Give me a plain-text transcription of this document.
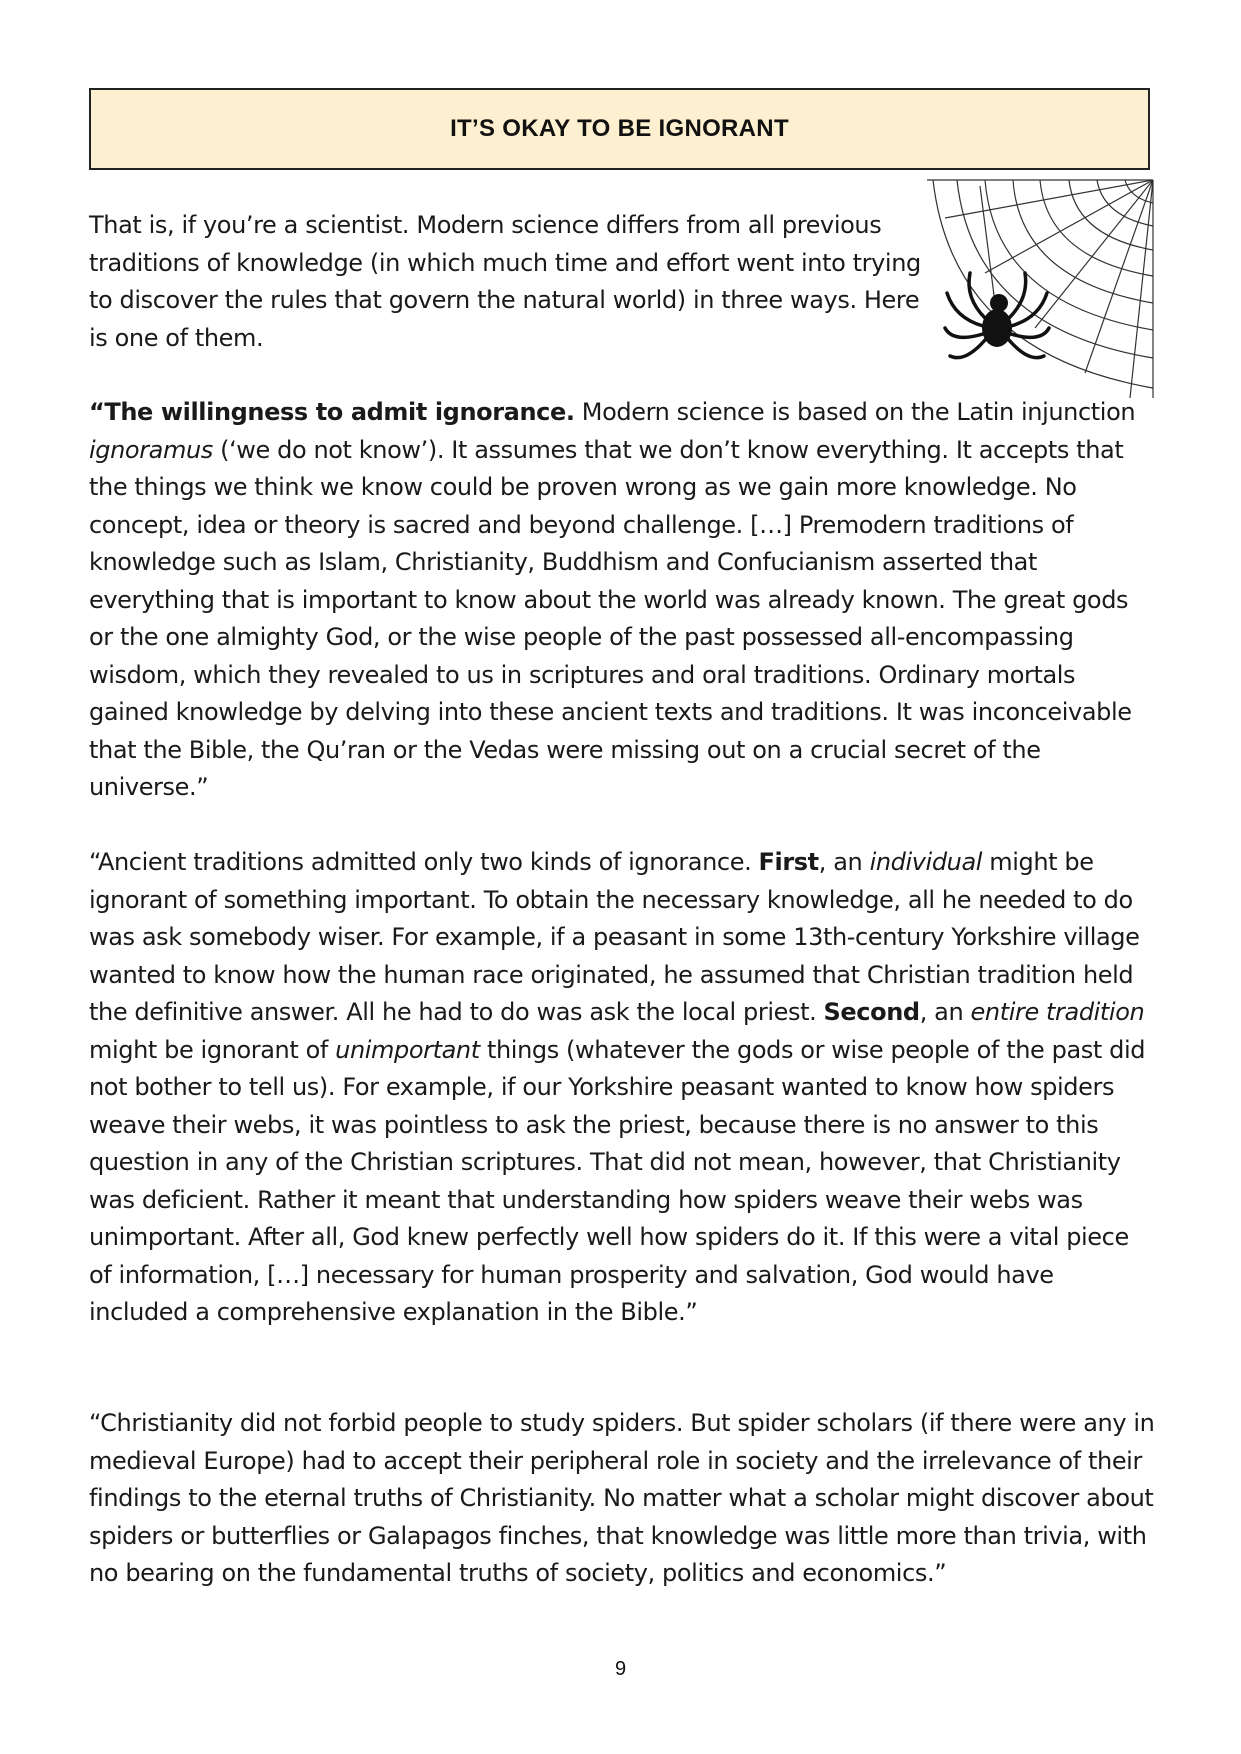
IT’S OKAY TO BE IGNORANT

That is, if you’re a scientist. Modern science differs from all previous traditions of knowledge (in which much time and effort went into trying to discover the rules that govern the natural world) in three ways. Here is one of them.

“The willingness to admit ignorance. Modern science is based on the Latin injunction ignoramus (‘we do not know’). It assumes that we don’t know everything. It accepts that the things we think we know could be proven wrong as we gain more knowledge. No concept, idea or theory is sacred and beyond challenge. […] Premodern traditions of knowledge such as Islam, Christianity, Buddhism and Confucianism asserted that everything that is important to know about the world was already known. The great gods or the one almighty God, or the wise people of the past possessed all-encompassing wisdom, which they revealed to us in scriptures and oral traditions. Ordinary mortals gained knowledge by delving into these ancient texts and traditions. It was inconceivable that the Bible, the Qu’ran or the Vedas were missing out on a crucial secret of the universe.”

“Ancient traditions admitted only two kinds of ignorance. First, an individual might be ignorant of something important. To obtain the necessary knowledge, all he needed to do was ask somebody wiser. For example, if a peasant in some 13th-century Yorkshire village wanted to know how the human race originated, he assumed that Christian tradition held the definitive answer. All he had to do was ask the local priest. Second, an entire tradition might be ignorant of unimportant things (whatever the gods or wise people of the past did not bother to tell us). For example, if our Yorkshire peasant wanted to know how spiders weave their webs, it was pointless to ask the priest, because there is no answer to this question in any of the Christian scriptures. That did not mean, however, that Christianity was deficient. Rather it meant that understanding how spiders weave their webs was unimportant. After all, God knew perfectly well how spiders do it. If this were a vital piece of information, […] necessary for human prosperity and salvation, God would have included a comprehensive explanation in the Bible.”

“Christianity did not forbid people to study spiders. But spider scholars (if there were any in medieval Europe) had to accept their peripheral role in society and the irrelevance of their findings to the eternal truths of Christianity. No matter what a scholar might discover about spiders or butterflies or Galapagos finches, that knowledge was little more than trivia, with no bearing on the fundamental truths of society, politics and economics.”

9
